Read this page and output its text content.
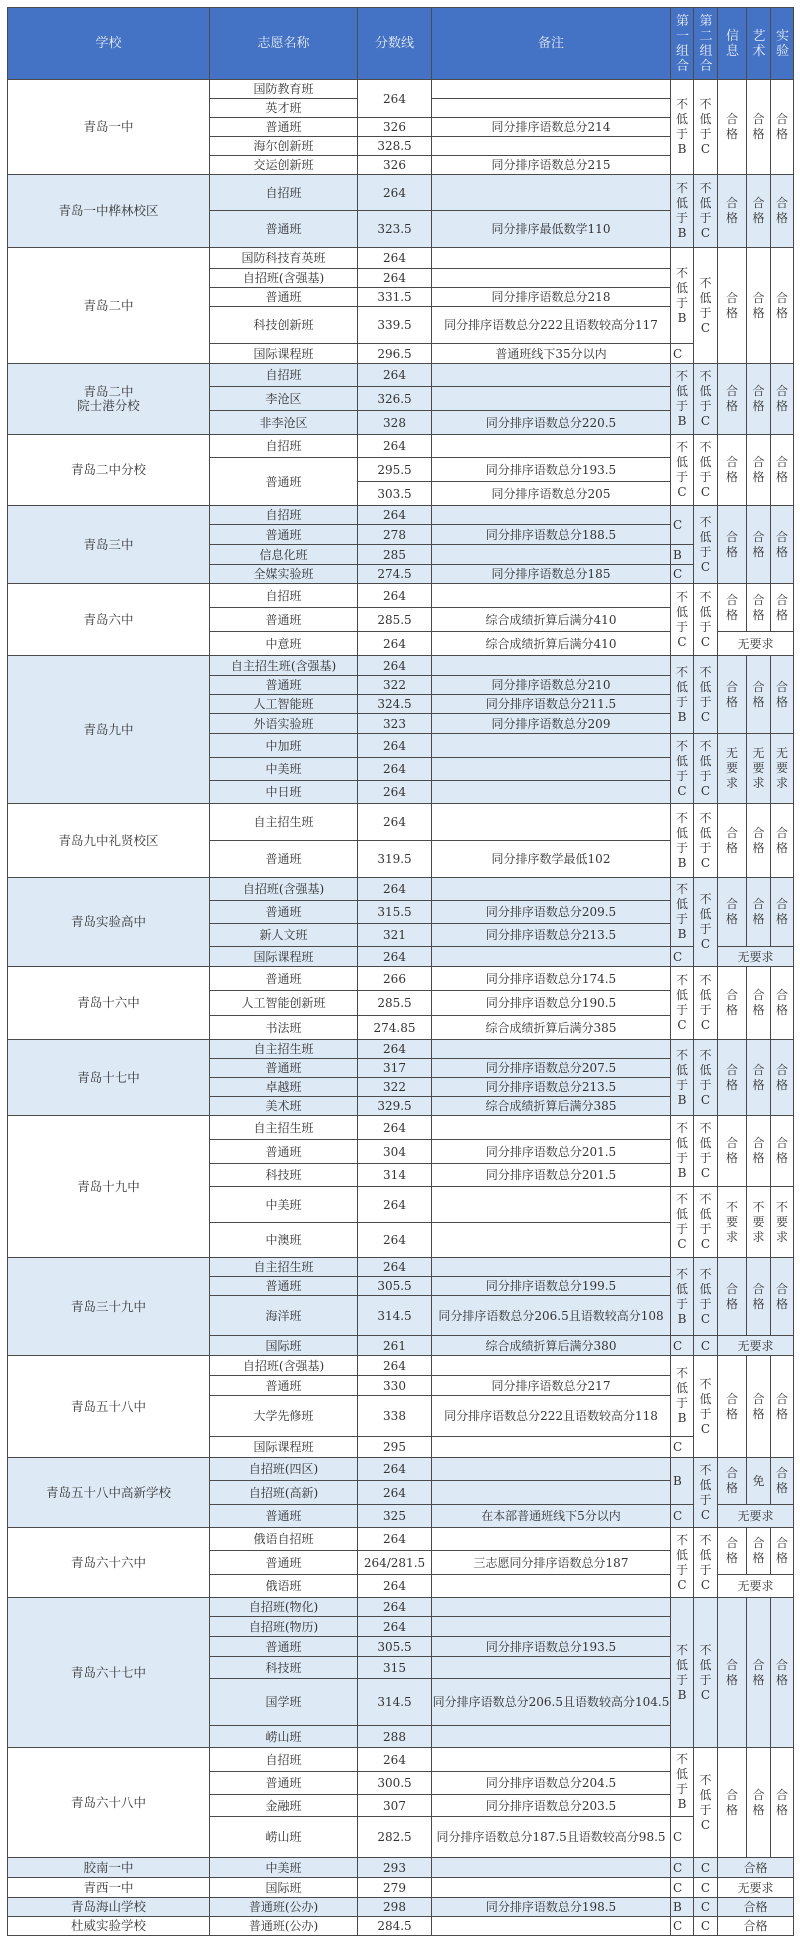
学校	志愿名称	分数线	备注	第一组合	第二组合	信息	艺术	实验
青岛一中	国防教育班	264		不低于B	不低于C	合格	合格	合格
	英才班							
	普通班	326	同分排序语数总分214					
	海尔创新班	328.5						
	交运创新班	326	同分排序语数总分215					
青岛一中桦林校区	自招班	264		不低于B	不低于C	合格	合格	合格
	普通班	323.5	同分排序最低数学110					
青岛二中	国防科技育英班	264		不低于B	不低于C	合格	合格	合格
	自招班(含强基)	264						
	普通班	331.5	同分排序语数总分218					
	科技创新班	339.5	同分排序语数总分222且语数较高分117					
	国际课程班	296.5	普通班线下35分以内	C				
青岛二中
院士港分校	自招班	264		不低于B	不低于C	合格	合格	合格
	李沧区	326.5						
	非李沧区	328	同分排序语数总分220.5					
青岛二中分校	自招班	264		不低于C	不低于C	合格	合格	合格
	普通班	295.5	同分排序语数总分193.5					
		303.5	同分排序语数总分205					
青岛三中	自招班	264		C	不低于C	合格	合格	合格
	普通班	278	同分排序语数总分188.5					
	信息化班	285		B				
	全媒实验班	274.5	同分排序语数总分185	C				
青岛六中	自招班	264		不低于C	不低于C	合格	合格	合格
	普通班	285.5	综合成绩折算后满分410					
	中意班	264	综合成绩折算后满分410			无要求		
青岛九中	自主招生班(含强基)	264		不低于B	不低于C	合格	合格	合格
	普通班	322	同分排序语数总分210					
	人工智能班	324.5	同分排序语数总分211.5					
	外语实验班	323	同分排序语数总分209					
	中加班	264		不低于C	不低于C	无要求	无要求	无要求
	中美班	264						
	中日班	264						
青岛九中礼贤校区	自主招生班	264		不低于B	不低于C	合格	合格	合格
	普通班	319.5	同分排序数学最低102					
青岛实验高中	自招班(含强基)	264		不低于B	不低于C	合格	合格	合格
	普通班	315.5	同分排序语数总分209.5					
	新人文班	321	同分排序语数总分213.5					
	国际课程班	264		C		无要求		
青岛十六中	普通班	266	同分排序语数总分174.5	不低于C	不低于C	合格	合格	合格
	人工智能创新班	285.5	同分排序语数总分190.5					
	书法班	274.85	综合成绩折算后满分385					
青岛十七中	自主招生班	264		不低于B	不低于C	合格	合格	合格
	普通班	317	同分排序语数总分207.5					
	卓越班	322	同分排序语数总分213.5					
	美术班	329.5	综合成绩折算后满分385					
青岛十九中	自主招生班	264		不低于B	不低于C	合格	合格	合格
	普通班	304	同分排序语数总分201.5					
	科技班	314	同分排序语数总分201.5					
	中美班	264		不低于C	不低于C	不要求	不要求	不要求
	中澳班	264						
青岛三十九中	自主招生班	264		不低于B	不低于C	合格	合格	合格
	普通班	305.5	同分排序语数总分199.5					
	海洋班	314.5	同分排序语数总分206.5且语数较高分108					
	国际班	261	综合成绩折算后满分380	C	C	无要求		
青岛五十八中	自招班(含强基)	264		不低于B	不低于C	合格	合格	合格
	普通班	330	同分排序语数总分217					
	大学先修班	338	同分排序语数总分222且语数较高分118					
	国际课程班	295		C				
青岛五十八中高新学校	自招班(四区)	264		B	不低于C	合格	免	合格
	自招班(高新)	264						
	普通班	325	在本部普通班线下5分以内	C		无要求		
青岛六十六中	俄语自招班	264		不低于C	不低于C	合格	合格	合格
	普通班	264/281.5	三志愿同分排序语数总分187					
	俄语班	264				无要求		
青岛六十七中	自招班(物化)	264		不低于B	不低于C	合格	合格	合格
	自招班(物历)	264						
	普通班	305.5	同分排序语数总分193.5					
	科技班	315						
	国学班	314.5	同分排序语数总分206.5且语数较高分104.5					
	崂山班	288						
青岛六十八中	自招班	264		不低于B	不低于C	合格	合格	合格
	普通班	300.5	同分排序语数总分204.5					
	金融班	307	同分排序语数总分203.5					
	崂山班	282.5	同分排序语数总分187.5且语数较高分98.5	C				
胶南一中	中美班	293		C	C	合格		
青西一中	国际班	279		C	C	无要求		
青岛海山学校	普通班(公办)	298	同分排序语数总分198.5	B	C	合格		
杜威实验学校	普通班(公办)	284.5		C	C	合格		
